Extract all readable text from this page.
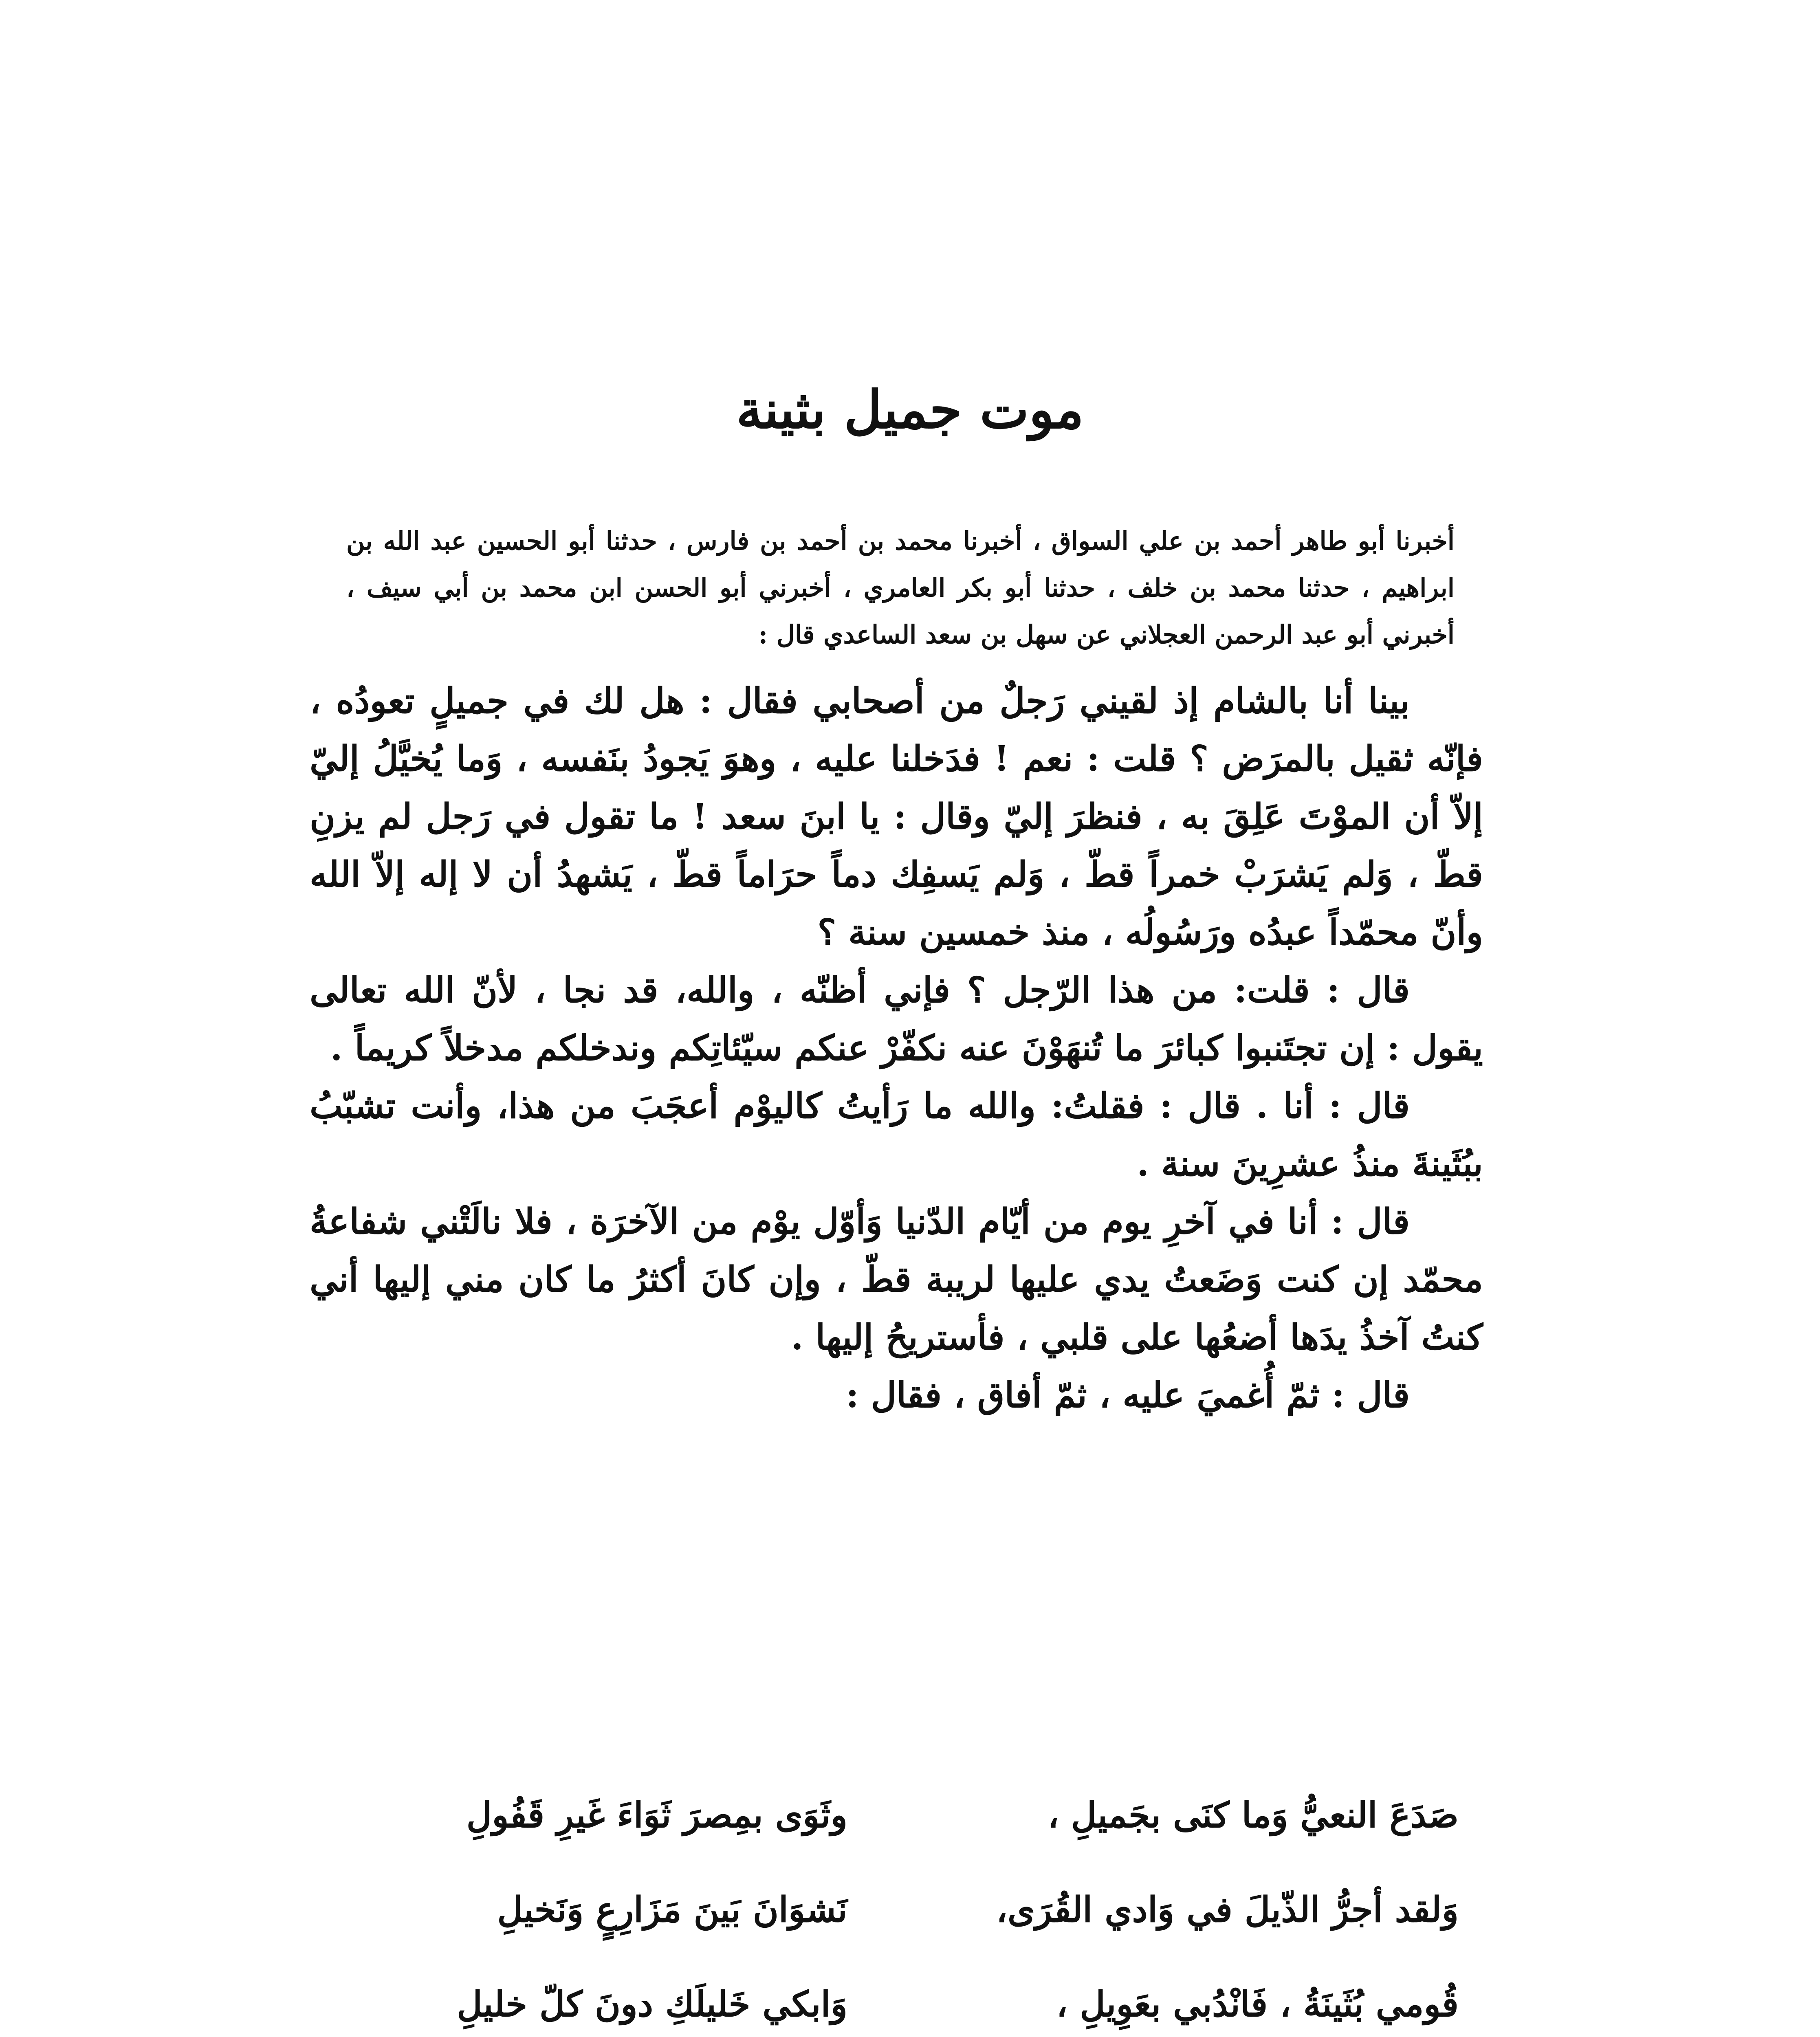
موت جميل بثينة
أخبرنا أبو طاهر أحمد بن علي السواق ، أخبرنا محمد بن أحمد بن فارس ، حدثنا أبو الحسين عبد الله بن ابراهيم ، حدثنا محمد بن خلف ، حدثنا أبو بكر العامري ، أخبرني أبو الحسن ابن محمد بن أبي سيف ، أخبرني أبو عبد الرحمن العجلاني عن سهل بن سعد الساعدي قال :

بينا أنا بالشام إذ لقيني رَجلٌ من أصحابي فقال : هل لك في جميلٍ تعودُه ، فإنّه ثقيل بالمرَض ؟ قلت : نعم ! فدَخلنا عليه ، وهوَ يَجودُ بنَفسه ، وَما يُخيَّلُ إليّ إلاّ أن الموْتَ عَلِقَ به ، فنظرَ إليّ وقال : يا ابنَ سعد ! ما تقول في رَجل لم يزنِ قطّ ، وَلم يَشرَبْ خمراً قطّ ، وَلم يَسفِك دماً حرَاماً قطّ ، يَشهدُ أن لا إله إلاّ الله وأنّ محمّداً عبدُه ورَسُولُه ، منذ خمسين سنة ؟

قال : قلت: من هذا الرّجل ؟ فإني أظنّه ، والله، قد نجا ، لأنّ الله تعالى يقول : إن تجتَنبوا كبائرَ ما تُنهَوْنَ عنه نكفّرْ عنكم سيّئاتِكم وندخلكم مدخلاً كريماً .

قال : أنا . قال : فقلتُ: والله ما رَأيتُ كاليوْم أعجَبَ من هذا، وأنت تشبّبُ ببُثَينةَ منذُ عشرِينَ سنة .

قال : أنا في آخرِ يوم من أيّام الدّنيا وَأوّل يوْم من الآخرَة ، فلا نالَتْني شفاعةُ محمّد إن كنت وَضَعتُ يدي عليها لريبة قطّ ، وإن كانَ أكثرُ ما كان مني إليها أني كنتُ آخذُ يدَها أضعُها على قلبي ، فأستريحُ إليها .

قال : ثمّ أُغميَ عليه ، ثمّ أفاق ، فقال :

صَدَعَ النعيُّ وَما كنَى بجَميلِ ،
وثَوَى بمِصرَ ثَوَاءَ غَيرِ قَفُولِ
وَلقد أجرُّ الذّيلَ في وَادي القُرَى،
نَشوَانَ بَينَ مَزَارِعٍ وَنَخيلِ
قُومي بُثَينَةُ ، فَانْدُبي بعَوِيلِ ،
وَابكي خَليلَكِ دونَ كلّ خليلِ
